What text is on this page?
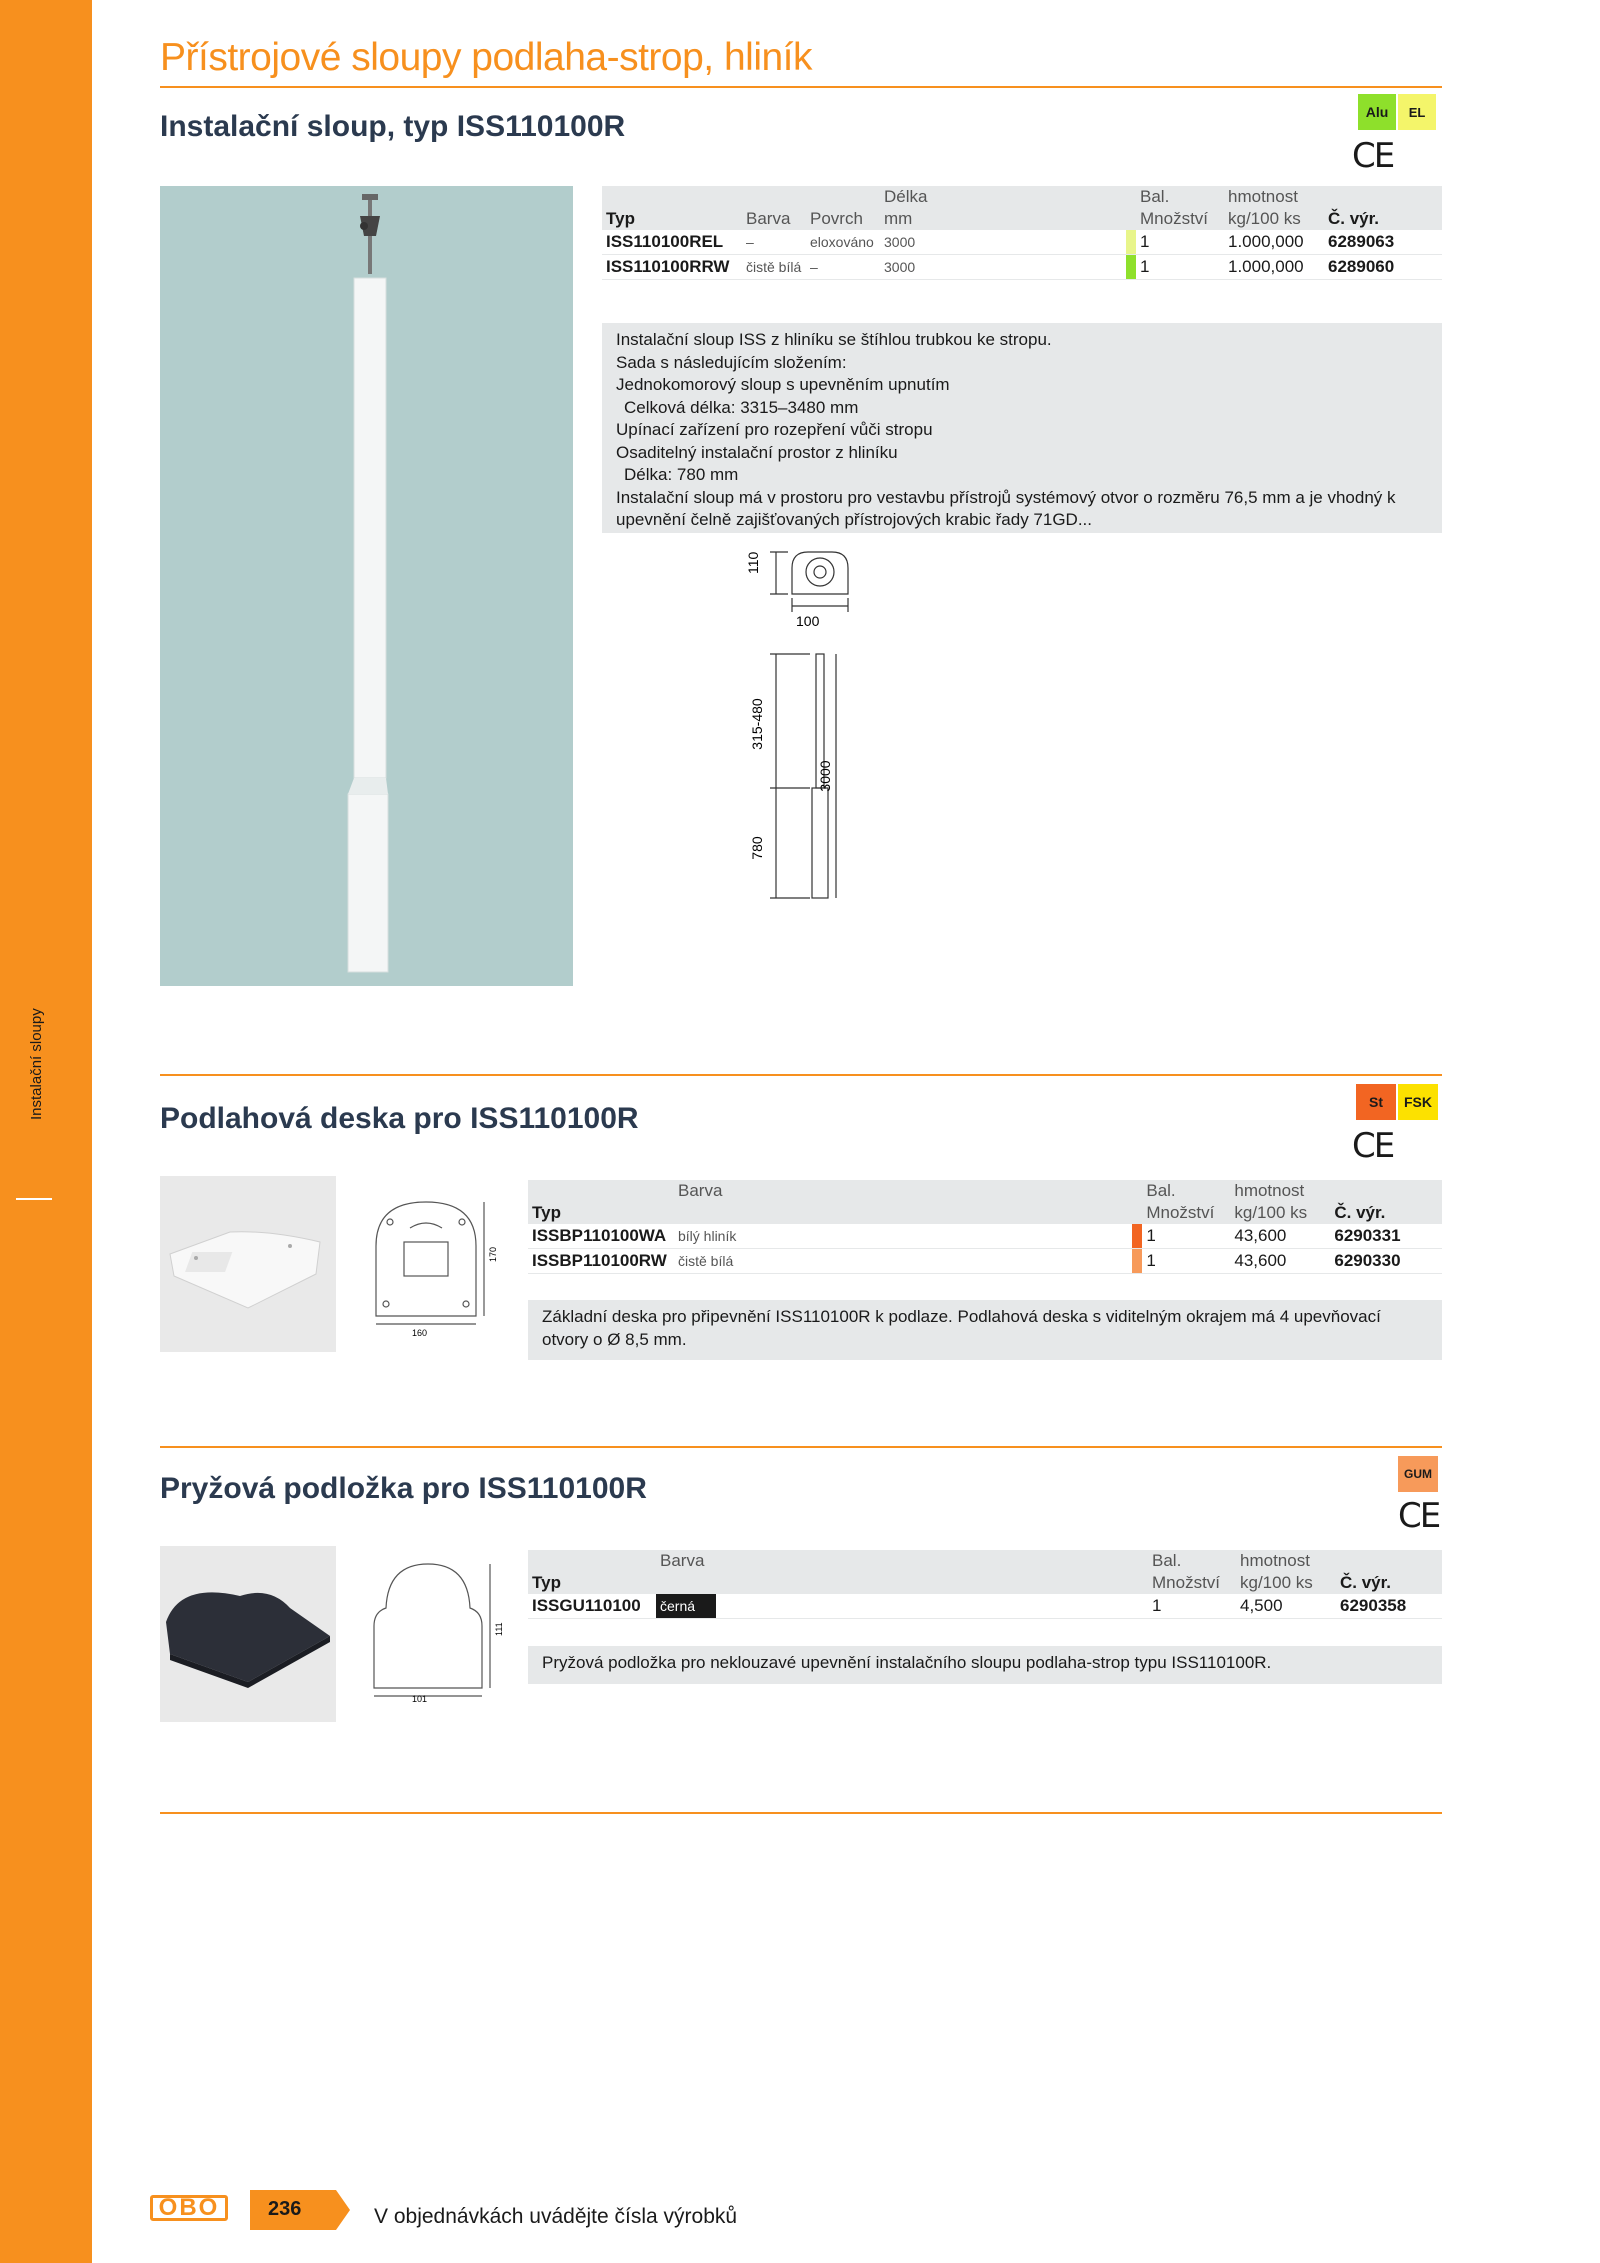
Instalační sloupy
Přístrojové sloupy podlaha-strop, hliník
Instalační sloup, typ ISS110100R	Alu	EL
CE
			Délka			Bal.	hmotnost	
Typ	Barva	Povrch	mm			Množství	kg/100 ks	Č. výr.
ISS110100REL	–	eloxováno	3000			1	1.000,000	6289063
ISS110100RRW	čistě bílá	–	3000			1	1.000,000	6289060

Instalační sloup ISS z hliníku se štíhlou trubkou ke stropu.

Sada s následujícím složením:

Jednokomorový sloup s upevněním upnutím

Celková délka: 3315–3480 mm

Upínací zařízení pro rozepření vůči stropu

Osaditelný instalační prostor z hliníku

Délka: 780 mm

Instalační sloup má v prostoru pro vestavbu přístrojů systémový otvor o rozměru 76,5 mm a je vhodný k

upevnění čelně zajišťovaných přístrojových krabic řady 71GD...

110
100
315-480
3000
780
Podlahová deska pro ISS110100R	St	FSK
CE
160
170
	Barva			Bal.	hmotnost	
Typ				Množství	kg/100 ks	Č. výr.
ISSBP110100WA	bílý hliník			1	43,600	6290331
ISSBP110100RW	čistě bílá			1	43,600	6290330

Základní deska pro připevnění ISS110100R k podlaze. Podlahová deska s viditelným okrajem má 4 upevňovací

otvory o Ø 8,5 mm.

Pryžová podložka pro ISS110100R	GUM
CE
101
111
	Barva			Bal.	hmotnost	
Typ				Množství	kg/100 ks	Č. výr.
ISSGU110100	černá			1	4,500	6290358

Pryžová podložka pro neklouzavé upevnění instalačního sloupu podlaha-strop typu ISS110100R.

OBO	236	V objednávkách uvádějte čísla výrobků
